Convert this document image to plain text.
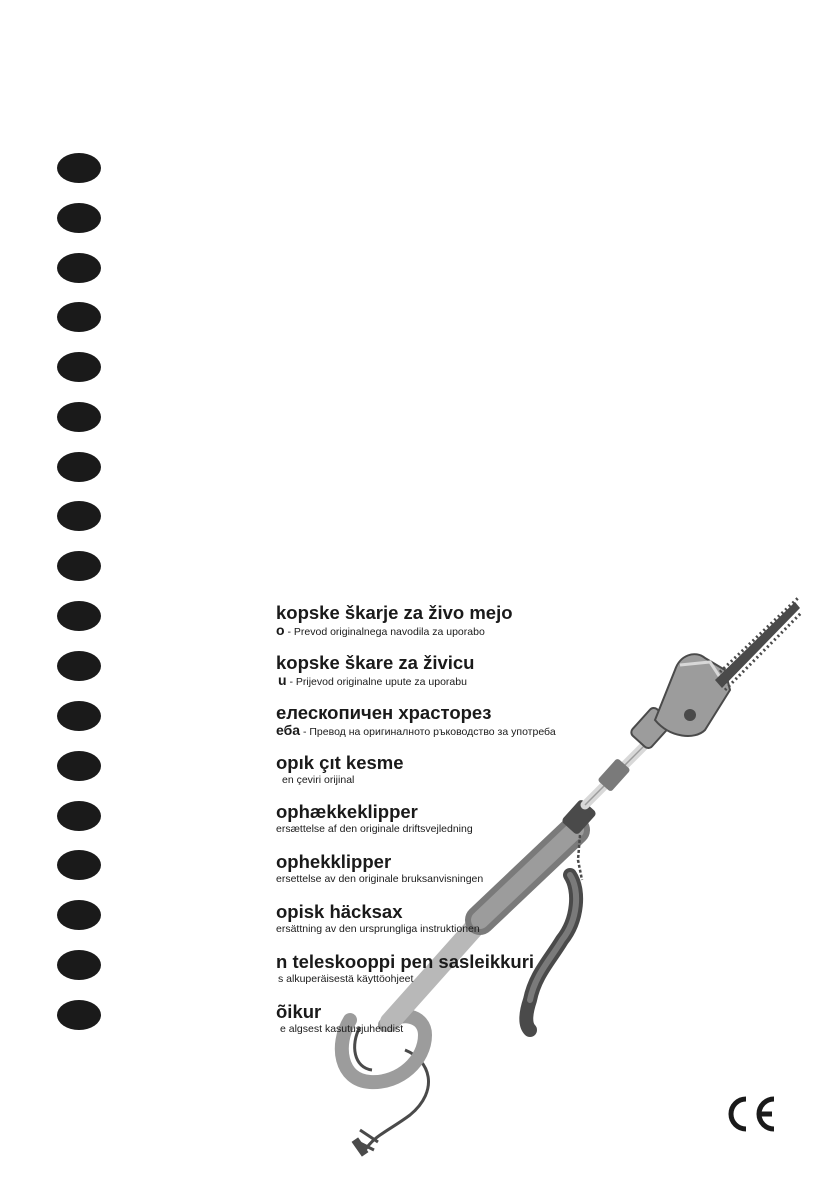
kopske škarje za živo mejo
o - Prevod originalnega navodila za uporabo
kopske škare za živicu
u - Prijevod originalne upute za uporabu
елескопичен храсторез
еба - Превод на оригиналното ръководство за употреба
opık çıt kesme
en çeviri orijinal
ophækkeklipper
ersættelse af den originale driftsvejledning
ophekklipper
ersettelse av den originale bruksanvisningen
opisk häcksax
ersättning av den ursprungliga instruktionen
n teleskooppi pen sasleikkuri
s alkuperäisestä käyttöohjeet
õikur
e algsest kasutusjuhendist
